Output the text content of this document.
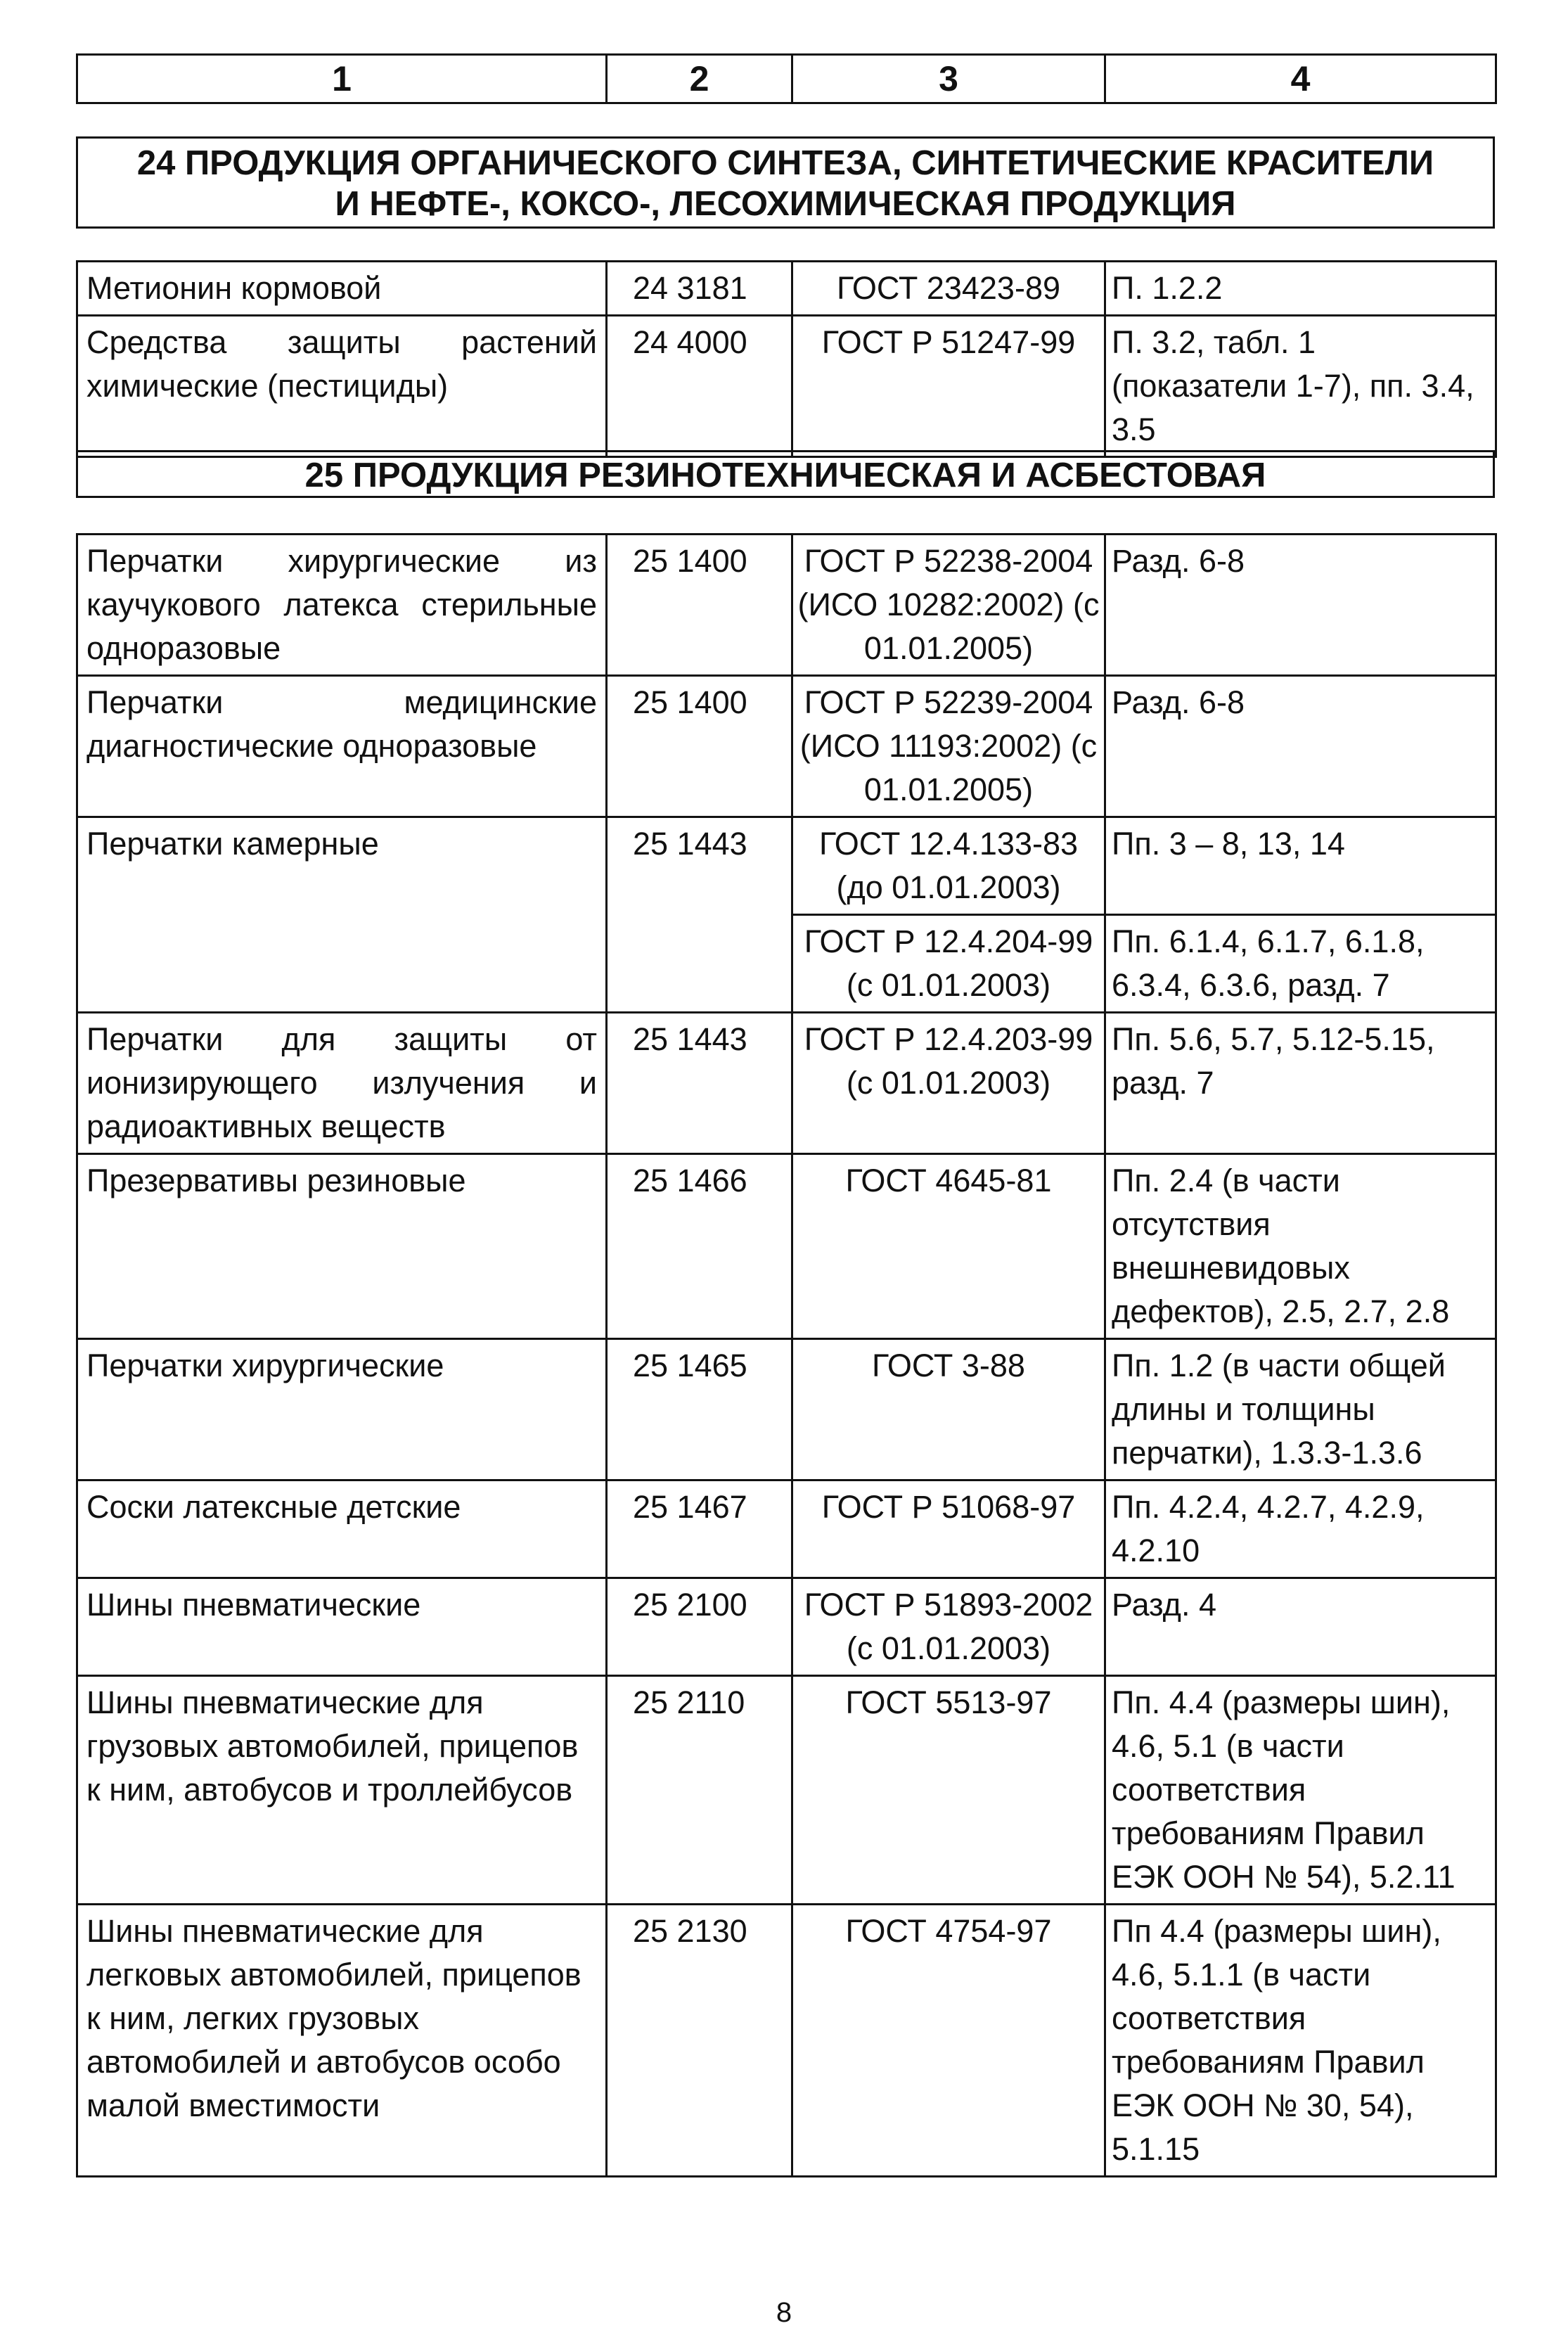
1	2	3	4
24 ПРОДУКЦИЯ ОРГАНИЧЕСКОГО СИНТЕЗА, СИНТЕТИЧЕСКИЕ КРАСИТЕЛИ
И НЕФТЕ-, КОКСО-, ЛЕСОХИМИЧЕСКАЯ ПРОДУКЦИЯ
Метионин кормовой	24 3181	ГОСТ 23423-89	П. 1.2.2
Средства защиты растений химические (пестициды)	24 4000	ГОСТ Р 51247-99	П. 3.2, табл. 1 (показатели 1-7), пп. 3.4, 3.5
25 ПРОДУКЦИЯ РЕЗИНОТЕХНИЧЕСКАЯ И АСБЕСТОВАЯ
Перчатки хирургические из каучукового латекса стерильные одноразовые	25 1400	ГОСТ Р 52238-2004 (ИСО 10282:2002) (с 01.01.2005)	Разд. 6-8
Перчатки медицинские диагностические одноразовые	25 1400	ГОСТ Р 52239-2004 (ИСО 11193:2002) (с 01.01.2005)	Разд. 6-8
Перчатки камерные	25 1443	ГОСТ 12.4.133-83 (до 01.01.2003)	Пп. 3 – 8, 13, 14
		ГОСТ Р 12.4.204-99 (с 01.01.2003)	Пп. 6.1.4, 6.1.7, 6.1.8, 6.3.4, 6.3.6, разд. 7
Перчатки для защиты от ионизирующего излучения и радиоактивных веществ	25 1443	ГОСТ Р 12.4.203-99 (с 01.01.2003)	Пп. 5.6, 5.7, 5.12-5.15, разд. 7
Презервативы резиновые	25 1466	ГОСТ 4645-81	Пп. 2.4 (в части отсутствия внешневидовых дефектов), 2.5, 2.7, 2.8
Перчатки хирургические	25 1465	ГОСТ 3-88	Пп. 1.2 (в части общей длины и толщины перчатки), 1.3.3-1.3.6
Соски латексные детские	25 1467	ГОСТ Р 51068-97	Пп. 4.2.4, 4.2.7, 4.2.9, 4.2.10
Шины пневматические	25 2100	ГОСТ Р 51893-2002 (с 01.01.2003)	Разд. 4
Шины пневматические для грузовых автомобилей, прицепов к ним, автобусов и троллейбусов	25 2110	ГОСТ 5513-97	Пп. 4.4 (размеры шин), 4.6, 5.1 (в части соответствия требованиям Правил ЕЭК ООН № 54), 5.2.11
Шины пневматические для легковых автомобилей, прицепов к ним, легких грузовых автомобилей и автобусов особо малой вместимости	25 2130	ГОСТ 4754-97	Пп 4.4 (размеры шин), 4.6, 5.1.1 (в части соответствия требованиям Правил ЕЭК ООН № 30, 54), 5.1.15
8
